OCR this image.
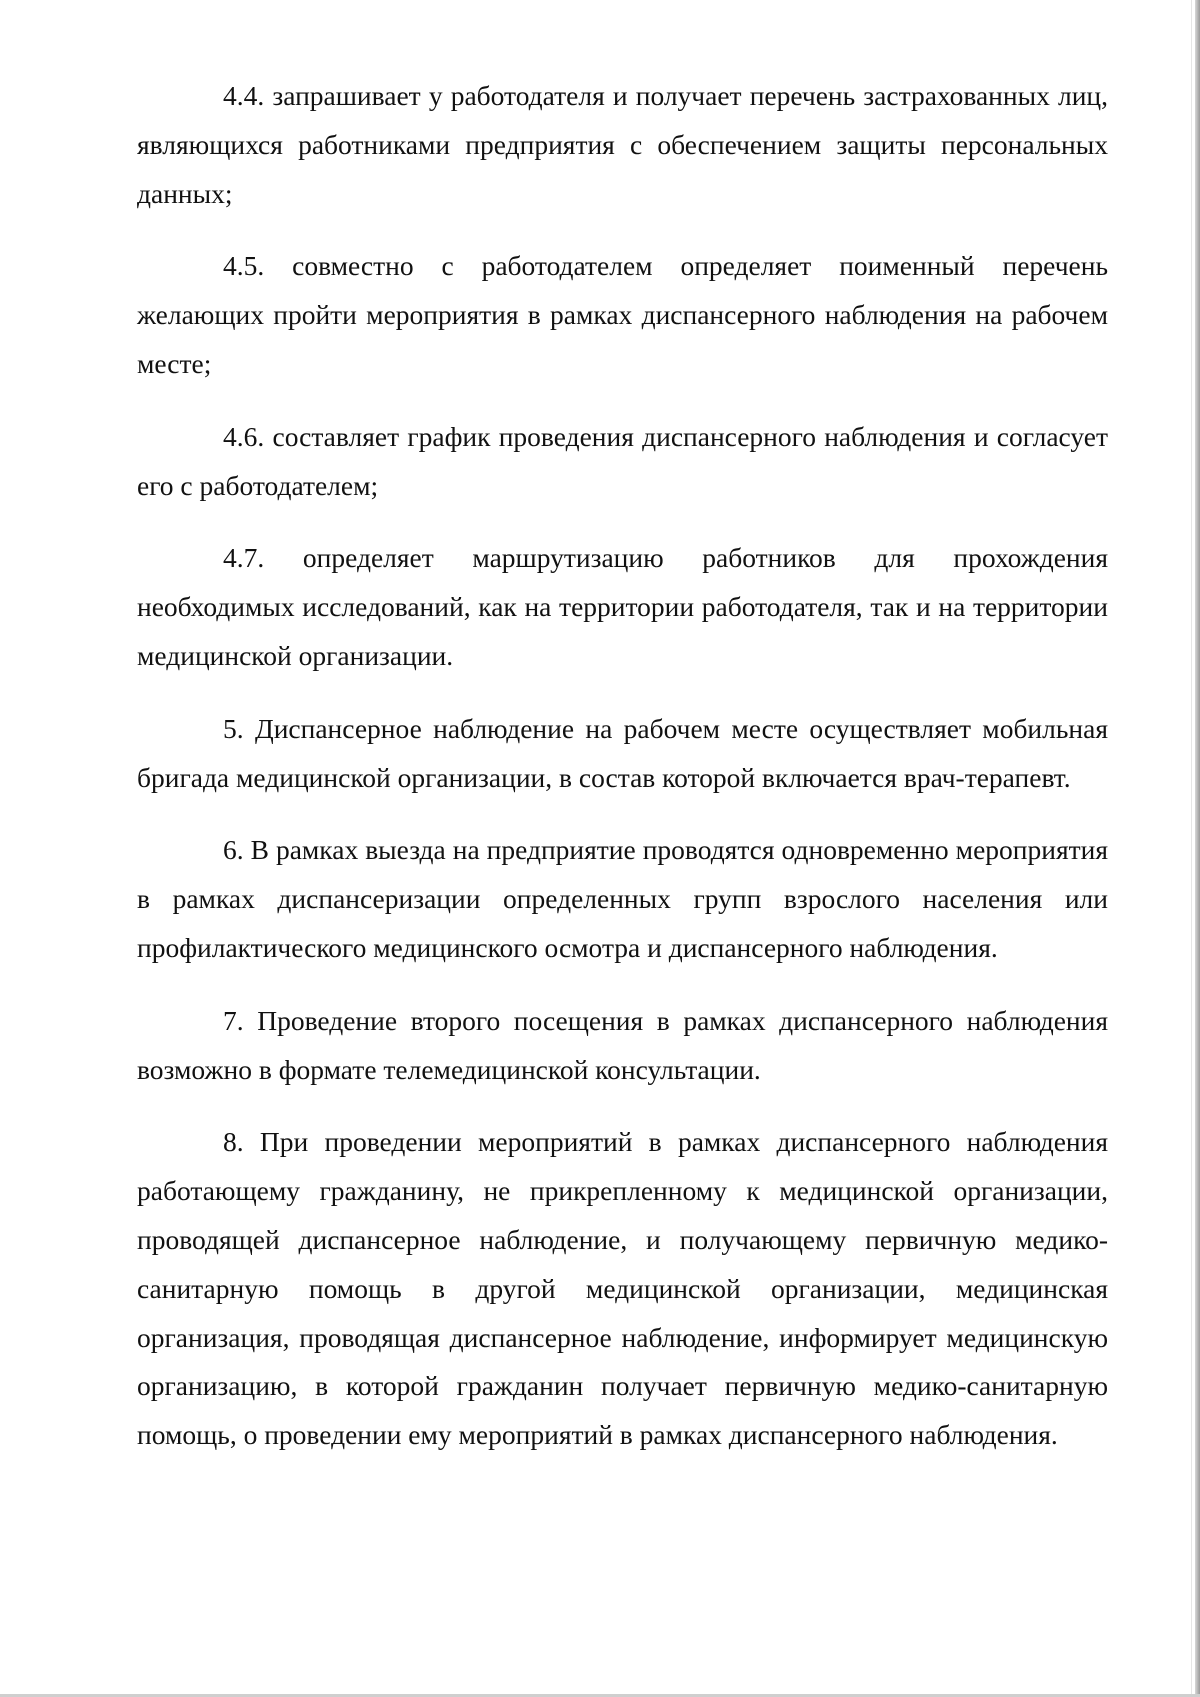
4.4. запрашивает у работодателя и получает перечень застрахованных лиц, являющихся работниками предприятия с обеспечением защиты персональных данных;

4.5. совместно с работодателем определяет поименный перечень желающих пройти мероприятия в рамках диспансерного наблюдения на рабочем месте;

4.6. составляет график проведения диспансерного наблюдения и согласует его с работодателем;

4.7. определяет маршрутизацию работников для прохождения необходимых исследований, как на территории работодателя, так и на территории медицинской организации.

5. Диспансерное наблюдение на рабочем месте осуществляет мобильная бригада медицинской организации, в состав которой включается врач-терапевт.

6. В рамках выезда на предприятие проводятся одновременно мероприятия в рамках диспансеризации определенных групп взрослого населения или профилактического медицинского осмотра и диспансерного наблюдения.

7. Проведение второго посещения в рамках диспансерного наблюдения возможно в формате телемедицинской консультации.

8. При проведении мероприятий в рамках диспансерного наблюдения работающему гражданину, не прикрепленному к медицинской организации, проводящей диспансерное наблюдение, и получающему первичную медико-санитарную помощь в другой медицинской организации, медицинская организация, проводящая диспансерное наблюдение, информирует медицинскую организацию, в которой гражданин получает первичную медико-санитарную помощь, о проведении ему мероприятий в рамках диспансерного наблюдения.
